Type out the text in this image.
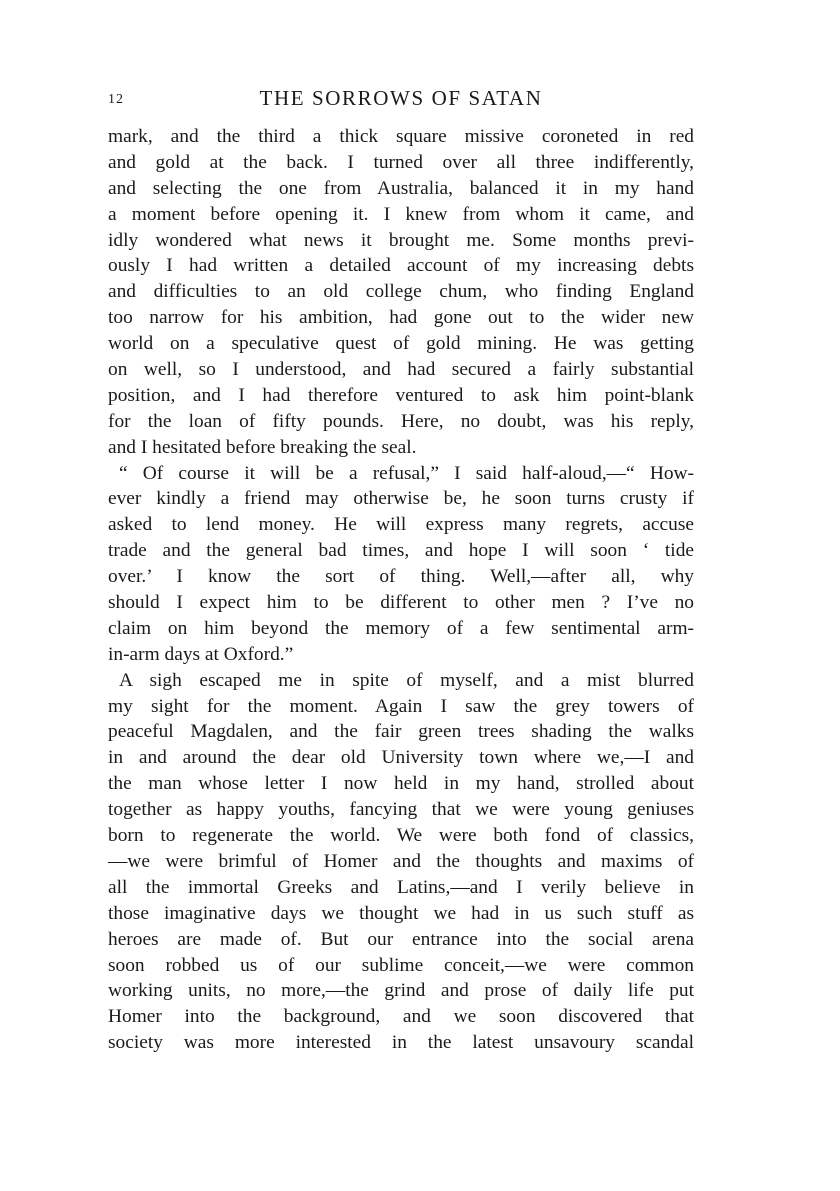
12	THE SORROWS OF SATAN
mark, and the third a thick square missive coroneted in red
and gold at the back. I turned over all three indifferently,
and selecting the one from Australia, balanced it in my hand
a moment before opening it. I knew from whom it came, and
idly wondered what news it brought me. Some months previ-
ously I had written a detailed account of my increasing debts
and difficulties to an old college chum, who finding England
too narrow for his ambition, had gone out to the wider new
world on a speculative quest of gold mining. He was getting
on well, so I understood, and had secured a fairly substantial
position, and I had therefore ventured to ask him point-blank
for the loan of fifty pounds. Here, no doubt, was his reply,
and I hesitated before breaking the seal.
“ Of course it will be a refusal,” I said half-aloud,—“ How-
ever kindly a friend may otherwise be, he soon turns crusty if
asked to lend money. He will express many regrets, accuse
trade and the general bad times, and hope I will soon ‘ tide
over.’ I know the sort of thing. Well,—after all, why
should I expect him to be different to other men ? I’ve no
claim on him beyond the memory of a few sentimental arm-
in-arm days at Oxford.”
A sigh escaped me in spite of myself, and a mist blurred
my sight for the moment. Again I saw the grey towers of
peaceful Magdalen, and the fair green trees shading the walks
in and around the dear old University town where we,—I and
the man whose letter I now held in my hand, strolled about
together as happy youths, fancying that we were young geniuses
born to regenerate the world. We were both fond of classics,
—we were brimful of Homer and the thoughts and maxims of
all the immortal Greeks and Latins,—and I verily believe in
those imaginative days we thought we had in us such stuff as
heroes are made of. But our entrance into the social arena
soon robbed us of our sublime conceit,—we were common
working units, no more,—the grind and prose of daily life put
Homer into the background, and we soon discovered that
society was more interested in the latest unsavoury scandal
